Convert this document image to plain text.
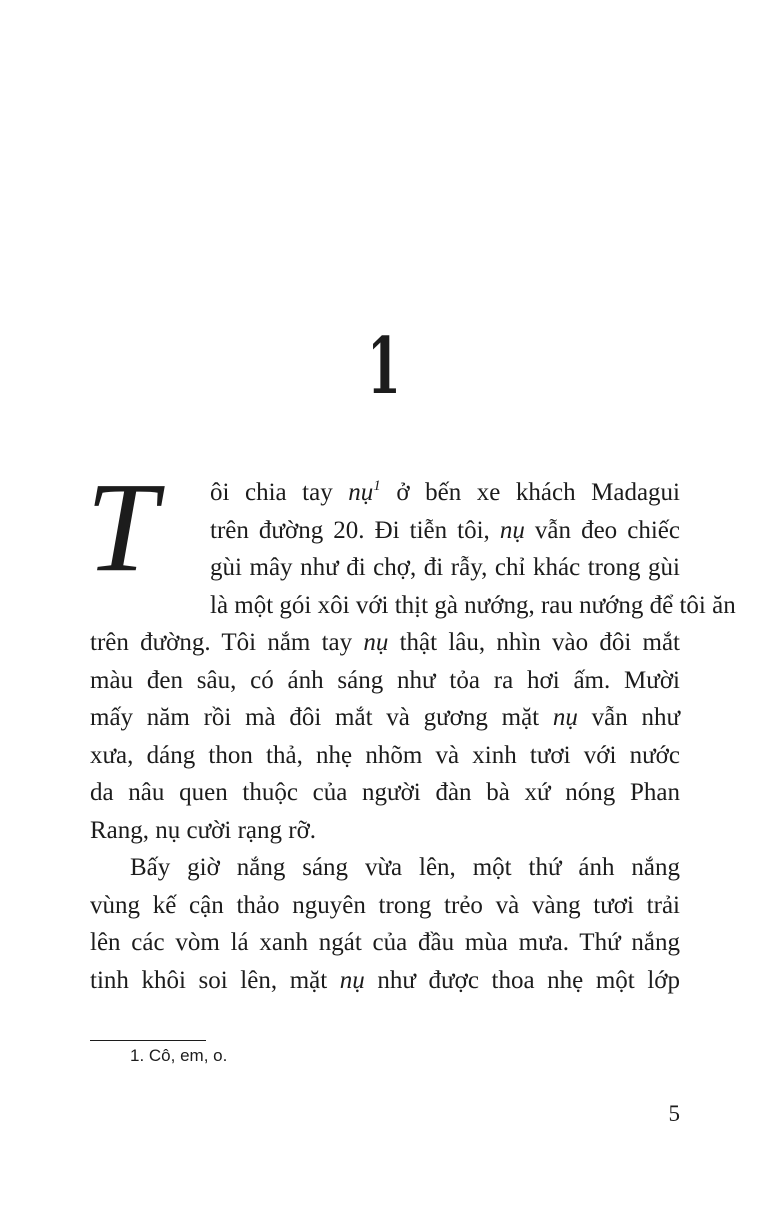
1
T	ôi chia tay nụ$^1$ ở bến xe khách Madagui
trên đường 20. Đi tiễn tôi, nụ vẫn đeo chiếc
gùi mây như đi chợ, đi rẫy, chỉ khác trong gùi
là một gói xôi với thịt gà nướng, rau nướng để tôi ăn
trên đường. Tôi nắm tay nụ thật lâu, nhìn vào đôi mắt
màu đen sâu, có ánh sáng như tỏa ra hơi ấm. Mười
mấy năm rồi mà đôi mắt và gương mặt nụ vẫn như
xưa, dáng thon thả, nhẹ nhõm và xinh tươi với nước
da nâu quen thuộc của người đàn bà xứ nóng Phan
Rang, nụ cười rạng rỡ.
Bấy giờ nắng sáng vừa lên, một thứ ánh nắng
vùng kế cận thảo nguyên trong trẻo và vàng tươi trải
lên các vòm lá xanh ngát của đầu mùa mưa. Thứ nắng
tinh khôi soi lên, mặt nụ như được thoa nhẹ một lớp
1. Cô, em, o.
5
